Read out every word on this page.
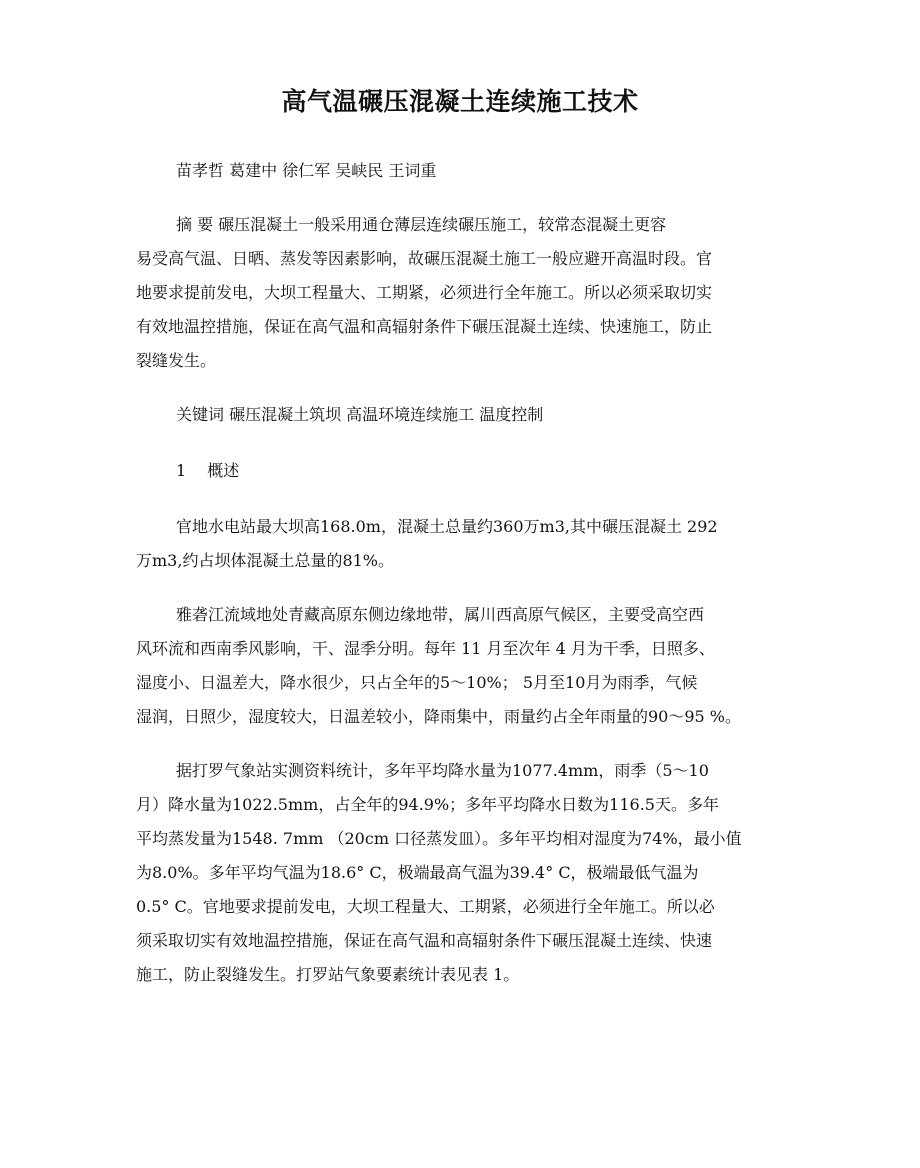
高气温碾压混凝土连续施工技术
苗孝哲 葛建中 徐仁军 吴峡民 王词重
摘 要 碾压混凝土一般采用通仓薄层连续碾压施工，较常态混凝土更容
易受高气温、日晒、蒸发等因素影响，故碾压混凝土施工一般应避开高温时段。官
地要求提前发电，大坝工程量大、工期紧，必须进行全年施工。所以必须采取切实
有效地温控措施，保证在高气温和高辐射条件下碾压混凝土连续、快速施工，防止
裂缝发生。
关键词 碾压混凝土筑坝 高温环境连续施工 温度控制
1　 概述
官地水电站最大坝高168.0m，混凝土总量约360万m3,其中碾压混凝土 292
万m3,约占坝体混凝土总量的81%。
雅砻江流域地处青藏高原东侧边缘地带，属川西高原气候区，主要受高空西
风环流和西南季风影响，干、湿季分明。每年 11 月至次年 4 月为干季，日照多、
湿度小、日温差大，降水很少，只占全年的5～10%； 5月至10月为雨季，气候
湿润，日照少，湿度较大，日温差较小，降雨集中，雨量约占全年雨量的90～95 %。
据打罗气象站实测资料统计，多年平均降水量为1077.4mm，雨季（5～10
月）降水量为1022.5mm，占全年的94.9%；多年平均降水日数为116.5天。多年
平均蒸发量为1548. 7mm （20cm 口径蒸发皿）。多年平均相对湿度为74%，最小值
为8.0%。多年平均气温为18.6° C，极端最高气温为39.4° C，极端最低气温为
0.5° C。官地要求提前发电，大坝工程量大、工期紧，必须进行全年施工。所以必
须采取切实有效地温控措施，保证在高气温和高辐射条件下碾压混凝土连续、快速
施工，防止裂缝发生。打罗站气象要素统计表见表 1。
